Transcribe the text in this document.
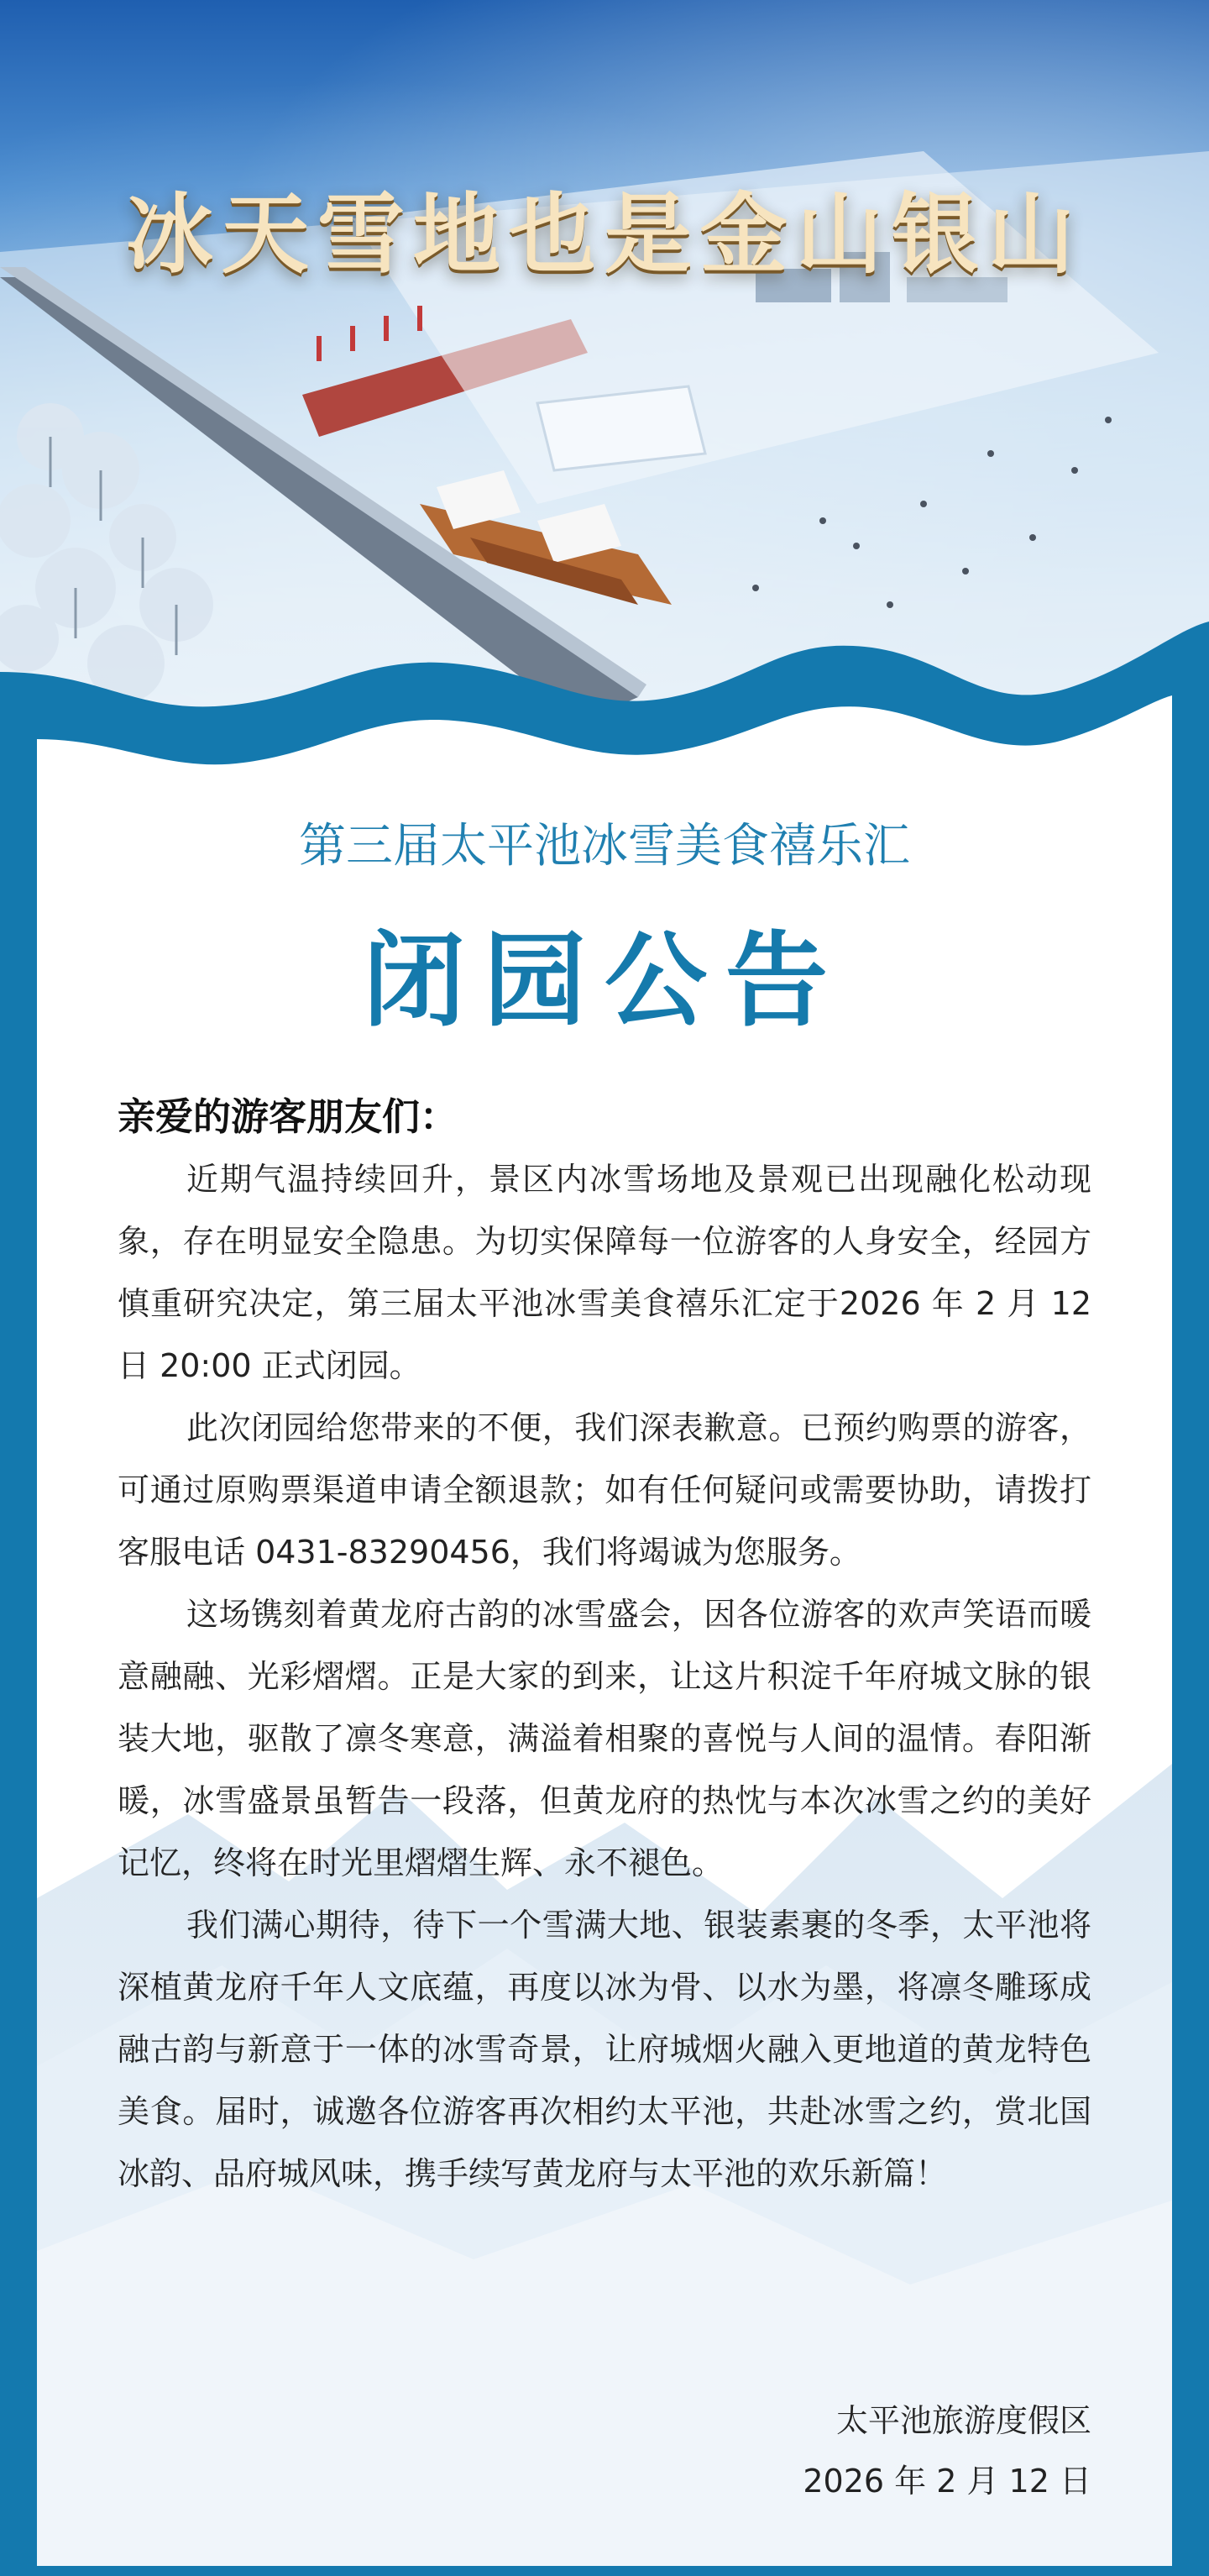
冰天雪地也是金山银山
第三届太平池冰雪美食禧乐汇
闭园公告
亲爱的游客朋友们：

近期气温持续回升，景区内冰雪场地及景观已出现融化松动现象，存在明显安全隐患。为切实保障每一位游客的人身安全，经园方慎重研究决定，第三届太平池冰雪美食禧乐汇定于2026 年 2 月 12 日 20:00 正式闭园。

此次闭园给您带来的不便，我们深表歉意。已预约购票的游客，可通过原购票渠道申请全额退款；如有任何疑问或需要协助，请拨打客服电话 0431-83290456，我们将竭诚为您服务。

这场镌刻着黄龙府古韵的冰雪盛会，因各位游客的欢声笑语而暖意融融、光彩熠熠。正是大家的到来，让这片积淀千年府城文脉的银装大地，驱散了凛冬寒意，满溢着相聚的喜悦与人间的温情。春阳渐暖，冰雪盛景虽暂告一段落，但黄龙府的热忱与本次冰雪之约的美好记忆，终将在时光里熠熠生辉、永不褪色。

我们满心期待，待下一个雪满大地、银装素裹的冬季，太平池将深植黄龙府千年人文底蕴，再度以冰为骨、以水为墨，将凛冬雕琢成融古韵与新意于一体的冰雪奇景，让府城烟火融入更地道的黄龙特色美食。届时，诚邀各位游客再次相约太平池，共赴冰雪之约，赏北国冰韵、品府城风味，携手续写黄龙府与太平池的欢乐新篇！

太平池旅游度假区
2026 年 2 月 12 日
